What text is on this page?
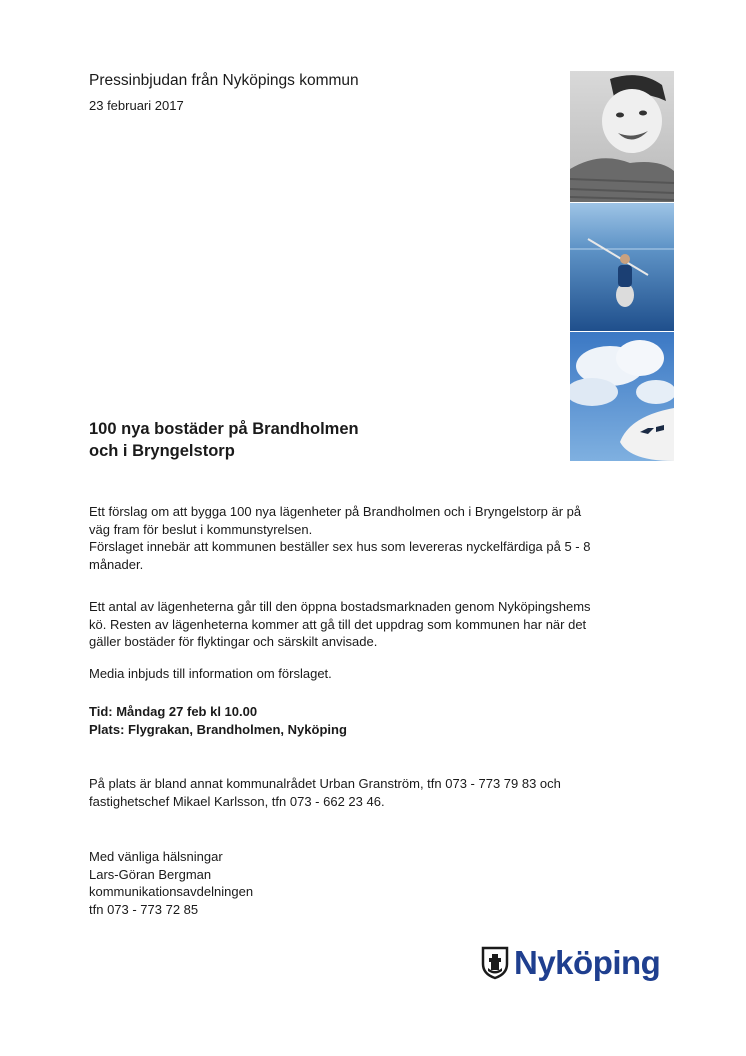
Pressinbjudan från Nyköpings kommun
23 februari 2017
100 nya bostäder på Brandholmen
och i Bryngelstorp
Ett förslag om att bygga 100 nya lägenheter på Brandholmen och i Bryngelstorp är på
väg fram för beslut i kommunstyrelsen.
Förslaget innebär att kommunen beställer sex hus som levereras nyckelfärdiga på 5 - 8
månader.
Ett antal av lägenheterna går till den öppna bostadsmarknaden genom Nyköpingshems
kö. Resten av lägenheterna kommer att gå till det uppdrag som kommunen har när det
gäller bostäder för flyktingar och särskilt anvisade.
Media inbjuds till information om förslaget.
Tid: Måndag 27 feb kl 10.00
Plats: Flygrakan, Brandholmen, Nyköping
På plats är bland annat kommunalrådet Urban Granström, tfn 073 - 773 79 83 och
fastighetschef Mikael Karlsson, tfn 073 - 662 23 46.
Med vänliga hälsningar
Lars-Göran Bergman
kommunikationsavdelningen
tfn 073 - 773 72 85
Nyköping
